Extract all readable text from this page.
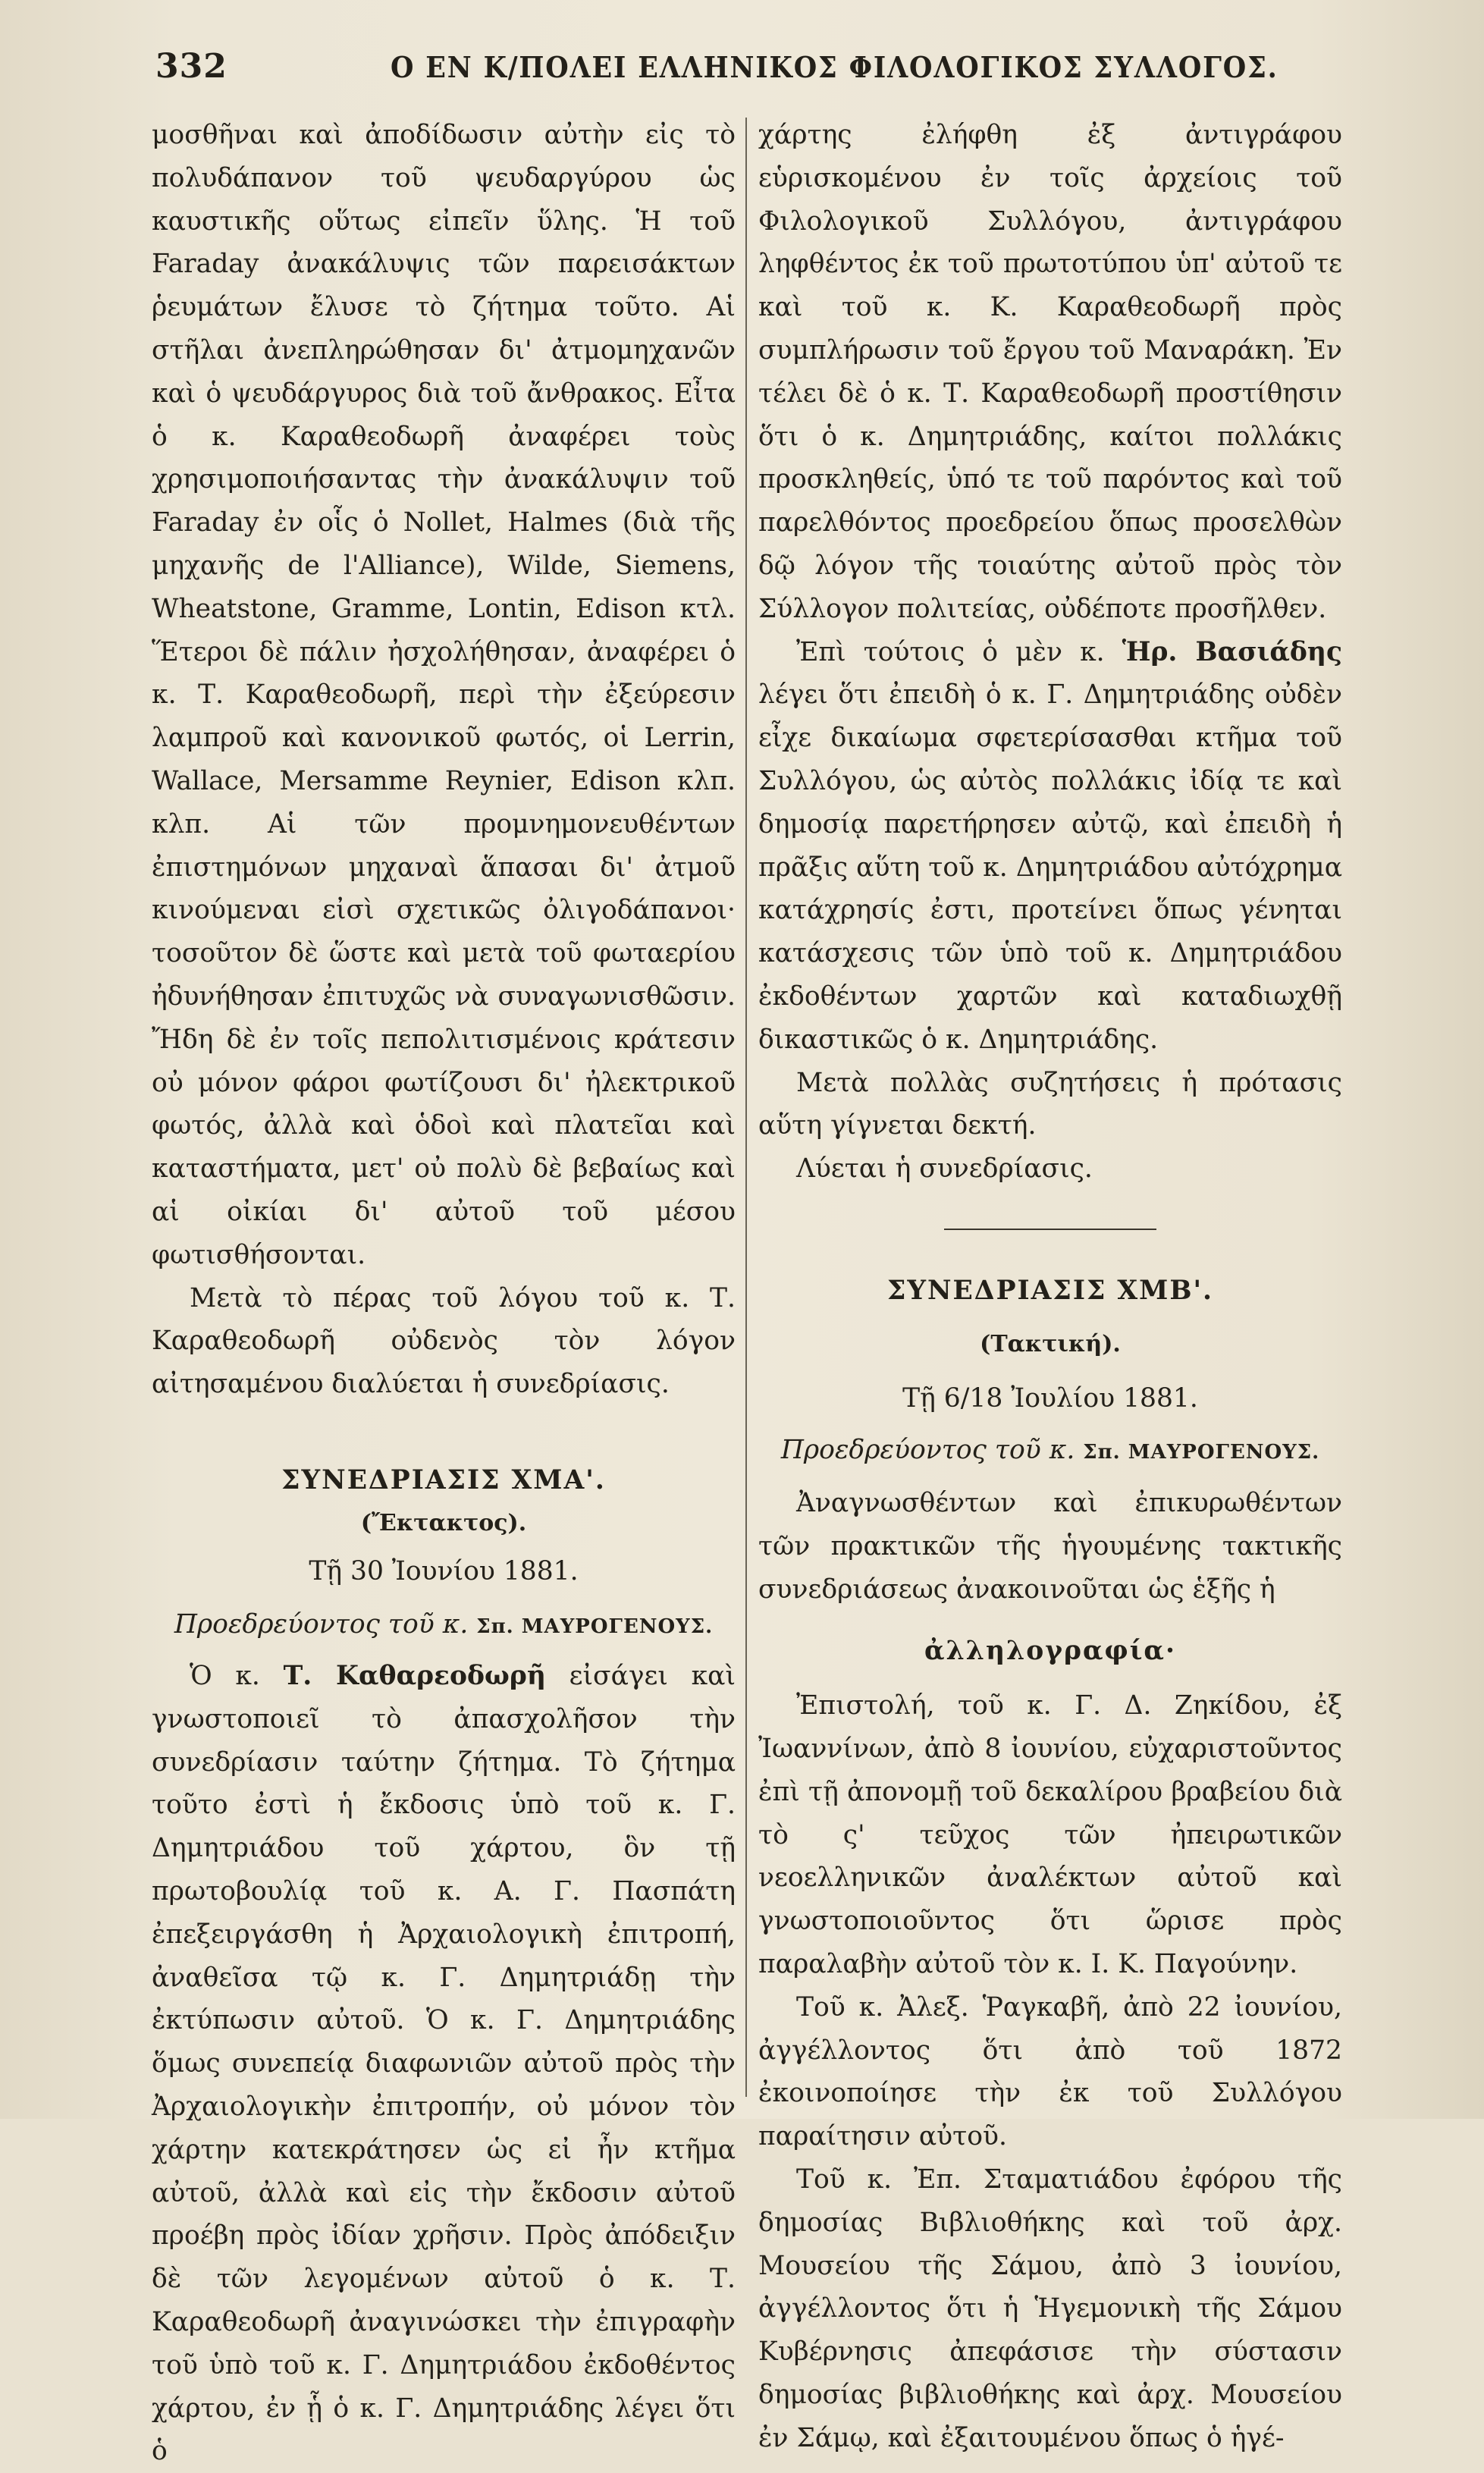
332	Ο ΕΝ Κ/ΠΟΛΕΙ ΕΛΛΗΝΙΚΟΣ ΦΙΛΟΛΟΓΙΚΟΣ ΣΥΛΛΟΓΟΣ.

μοσθῆναι καὶ ἀποδίδωσιν αὐτὴν εἰς τὸ πολυδάπανον τοῦ ψευδαργύρου ὡς καυστικῆς οὕτως εἰπεῖν ὕλης. Ἡ τοῦ Faraday ἀνακάλυψις τῶν παρεισάκτων ῥευμάτων ἔλυσε τὸ ζήτημα τοῦτο. Αἱ στῆλαι ἀνεπληρώθησαν δι' ἀτμομηχανῶν καὶ ὁ ψευδάργυρος διὰ τοῦ ἄνθρακος. Εἶτα ὁ κ. Καραθεοδωρῆ ἀναφέρει τοὺς χρησιμοποιήσαντας τὴν ἀνακάλυψιν τοῦ Faraday ἐν οἷς ὁ Nollet, Halmes (διὰ τῆς μηχανῆς de l'Alliance), Wilde, Siemens, Wheatstone, Gramme, Lontin, Edison κτλ. Ἕτεροι δὲ πάλιν ἠσχολήθησαν, ἀναφέρει ὁ κ. Τ. Καραθεοδωρῆ, περὶ τὴν ἐξεύρεσιν λαμπροῦ καὶ κανονικοῦ φωτός, οἱ Lerrin, Wallace, Mersamme Reynier, Edison κλπ. κλπ. Αἱ τῶν προμνημονευθέντων ἐπιστημόνων μηχαναὶ ἅπασαι δι' ἀτμοῦ κινούμεναι εἰσὶ σχετικῶς ὀλιγοδάπανοι· τοσοῦτον δὲ ὥστε καὶ μετὰ τοῦ φωταερίου ἠδυνήθησαν ἐπιτυχῶς νὰ συναγωνισθῶσιν. Ἤδη δὲ ἐν τοῖς πεπολιτισμένοις κράτεσιν οὐ μόνον φάροι φωτίζουσι δι' ἠλεκτρικοῦ φωτός, ἀλλὰ καὶ ὁδοὶ καὶ πλατεῖαι καὶ καταστήματα, μετ' οὐ πολὺ δὲ βεβαίως καὶ αἱ οἰκίαι δι' αὐτοῦ τοῦ μέσου φωτισθήσονται.

Μετὰ τὸ πέρας τοῦ λόγου τοῦ κ. Τ. Καραθεοδωρῆ οὐδενὸς τὸν λόγον αἰτησαμένου διαλύεται ἡ συνεδρίασις.

ΣΥΝΕΔΡΙΑΣΙΣ ΧΜΑ'.

(Ἔκτακτος).

Τῇ 30 Ἰουνίου 1881.

Προεδρεύοντος τοῦ κ. Σπ. ΜΑΥΡΟΓΕΝΟΥΣ.

Ὁ κ. Τ. Καθαρεοδωρῆ εἰσάγει καὶ γνωστοποιεῖ τὸ ἀπασχολῆσον τὴν συνεδρίασιν ταύτην ζήτημα. Τὸ ζήτημα τοῦτο ἐστὶ ἡ ἔκδοσις ὑπὸ τοῦ κ. Γ. Δημητριάδου τοῦ χάρτου, ὃν τῇ πρωτοβουλίᾳ τοῦ κ. Α. Γ. Πασπάτη ἐπεξειργάσθη ἡ Ἀρχαιολογικὴ ἐπιτροπή, ἀναθεῖσα τῷ κ. Γ. Δημητριάδῃ τὴν ἐκτύπωσιν αὐτοῦ. Ὁ κ. Γ. Δημητριάδης ὅμως συνεπείᾳ διαφωνιῶν αὐτοῦ πρὸς τὴν Ἀρχαιολογικὴν ἐπιτροπήν, οὐ μόνον τὸν χάρτην κατεκράτησεν ὡς εἰ ἦν κτῆμα αὐτοῦ, ἀλλὰ καὶ εἰς τὴν ἔκδοσιν αὐτοῦ προέβη πρὸς ἰδίαν χρῆσιν. Πρὸς ἀπόδειξιν δὲ τῶν λεγομένων αὐτοῦ ὁ κ. Τ. Καραθεοδωρῆ ἀναγινώσκει τὴν ἐπιγραφὴν τοῦ ὑπὸ τοῦ κ. Γ. Δημητριάδου ἐκδοθέντος χάρτου, ἐν ᾗ ὁ κ. Γ. Δημητριάδης λέγει ὅτι ὁ

χάρτης ἐλήφθη ἐξ ἀντιγράφου εὑρισκομένου ἐν τοῖς ἀρχείοις τοῦ Φιλολογικοῦ Συλλόγου, ἀντιγράφου ληφθέντος ἐκ τοῦ πρωτοτύπου ὑπ' αὐτοῦ τε καὶ τοῦ κ. Κ. Καραθεοδωρῆ πρὸς συμπλήρωσιν τοῦ ἔργου τοῦ Μαναράκη. Ἐν τέλει δὲ ὁ κ. Τ. Καραθεοδωρῆ προστίθησιν ὅτι ὁ κ. Δημητριάδης, καίτοι πολλάκις προσκληθείς, ὑπό τε τοῦ παρόντος καὶ τοῦ παρελθόντος προεδρείου ὅπως προσελθὼν δῷ λόγον τῆς τοιαύτης αὐτοῦ πρὸς τὸν Σύλλογον πολιτείας, οὐδέποτε προσῆλθεν.

Ἐπὶ τούτοις ὁ μὲν κ. Ἡρ. Βασιάδης λέγει ὅτι ἐπειδὴ ὁ κ. Γ. Δημητριάδης οὐδὲν εἶχε δικαίωμα σφετερίσασθαι κτῆμα τοῦ Συλλόγου, ὡς αὐτὸς πολλάκις ἰδίᾳ τε καὶ δημοσίᾳ παρετήρησεν αὐτῷ, καὶ ἐπειδὴ ἡ πρᾶξις αὕτη τοῦ κ. Δημητριάδου αὐτόχρημα κατάχρησίς ἐστι, προτείνει ὅπως γένηται κατάσχεσις τῶν ὑπὸ τοῦ κ. Δημητριάδου ἐκδοθέντων χαρτῶν καὶ καταδιωχθῇ δικαστικῶς ὁ κ. Δημητριάδης.

Μετὰ πολλὰς συζητήσεις ἡ πρότασις αὕτη γίγνεται δεκτή.

Λύεται ἡ συνεδρίασις.

ΣΥΝΕΔΡΙΑΣΙΣ ΧΜΒ'.

(Τακτική).

Τῇ 6/18 Ἰουλίου 1881.

Προεδρεύοντος τοῦ κ. Σπ. ΜΑΥΡΟΓΕΝΟΥΣ.

Ἀναγνωσθέντων καὶ ἐπικυρωθέντων τῶν πρακτικῶν τῆς ἡγουμένης τακτικῆς συνεδριάσεως ἀνακοινοῦται ὡς ἑξῆς ἡ

ἀλληλογραφία·

Ἐπιστολή, τοῦ κ. Γ. Δ. Ζηκίδου, ἐξ Ἰωαννίνων, ἀπὸ 8 ἰουνίου, εὐχαριστοῦντος ἐπὶ τῇ ἀπονομῇ τοῦ δεκαλίρου βραβείου διὰ τὸ ς' τεῦχος τῶν ἠπειρωτικῶν νεοελληνικῶν ἀναλέκτων αὐτοῦ καὶ γνωστοποιοῦντος ὅτι ὥρισε πρὸς παραλαβὴν αὐτοῦ τὸν κ. Ι. Κ. Παγούνην.

Τοῦ κ. Ἀλεξ. Ῥαγκαβῆ, ἀπὸ 22 ἰουνίου, ἀγγέλλοντος ὅτι ἀπὸ τοῦ 1872 ἐκοινοποίησε τὴν ἐκ τοῦ Συλλόγου παραίτησιν αὐτοῦ.

Τοῦ κ. Ἐπ. Σταματιάδου ἐφόρου τῆς δημοσίας Βιβλιοθήκης καὶ τοῦ ἀρχ. Μουσείου τῆς Σάμου, ἀπὸ 3 ἰουνίου, ἀγγέλλοντος ὅτι ἡ Ἡγεμονικὴ τῆς Σάμου Κυβέρνησις ἀπεφάσισε τὴν σύστασιν δημοσίας βιβλιοθήκης καὶ ἀρχ. Μουσείου ἐν Σάμῳ, καὶ ἐξαιτουμένου ὅπως ὁ ἡγέ-
